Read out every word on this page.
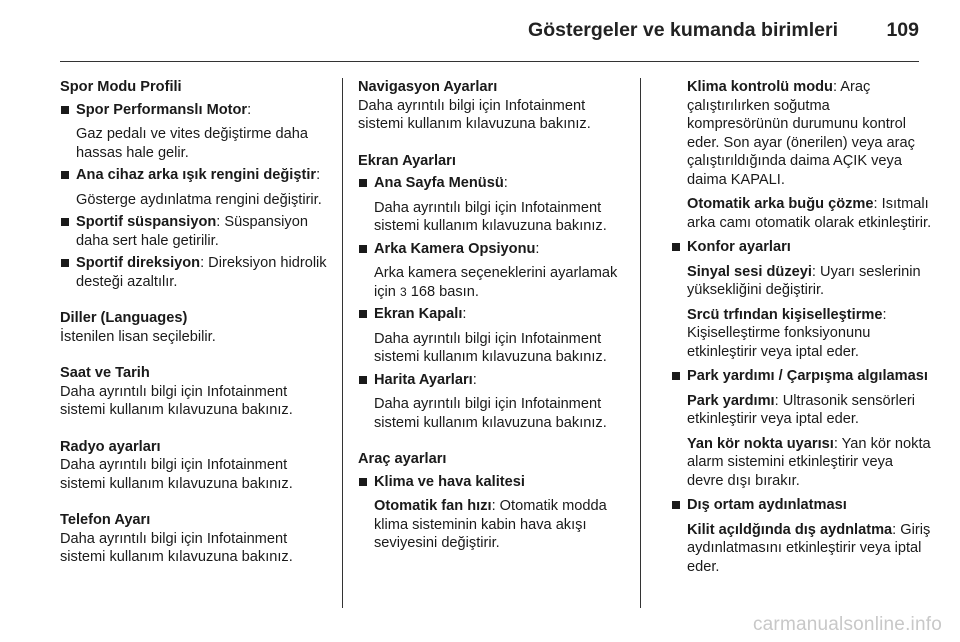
Göstergeler ve kumanda birimleri 109
Spor Modu Profili
Spor Performanslı Motor:
Gaz pedalı ve vites değiştirme daha hassas hale gelir.
Ana cihaz arka ışık rengini değiştir:
Gösterge aydınlatma rengini değiştirir.
Sportif süspansiyon: Süspansiyon daha sert hale getirilir.
Sportif direksiyon: Direksiyon hidrolik desteği azaltılır.
Diller (Languages)
İstenilen lisan seçilebilir.
Saat ve Tarih
Daha ayrıntılı bilgi için Infotainment sistemi kullanım kılavuzuna bakınız.
Radyo ayarları
Daha ayrıntılı bilgi için Infotainment sistemi kullanım kılavuzuna bakınız.
Telefon Ayarı
Daha ayrıntılı bilgi için Infotainment sistemi kullanım kılavuzuna bakınız.
Navigasyon Ayarları
Daha ayrıntılı bilgi için Infotainment sistemi kullanım kılavuzuna bakınız.
Ekran Ayarları
Ana Sayfa Menüsü:
Daha ayrıntılı bilgi için Infotainment sistemi kullanım kılavuzuna bakınız.
Arka Kamera Opsiyonu:
Arka kamera seçeneklerini ayarlamak için 3 168 basın.
Ekran Kapalı:
Daha ayrıntılı bilgi için Infotainment sistemi kullanım kılavuzuna bakınız.
Harita Ayarları:
Daha ayrıntılı bilgi için Infotainment sistemi kullanım kılavuzuna bakınız.
Araç ayarları
Klima ve hava kalitesi
Otomatik fan hızı: Otomatik modda klima sisteminin kabin hava akışı seviyesini değiştirir.
Klima kontrolü modu: Araç çalıştırılırken soğutma kompresörünün durumunu kontrol eder. Son ayar (önerilen) veya araç çalıştırıldığında daima AÇIK veya daima KAPALI.
Otomatik arka buğu çözme: Isıtmalı arka camı otomatik olarak etkinleştirir.
Konfor ayarları
Sinyal sesi düzeyi: Uyarı seslerinin yüksekliğini değiştirir.
Srcü trfından kişiselleştirme: Kişiselleştirme fonksiyonunu etkinleştirir veya iptal eder.
Park yardımı / Çarpışma algılaması
Park yardımı: Ultrasonik sensörleri etkinleştirir veya iptal eder.
Yan kör nokta uyarısı: Yan kör nokta alarm sistemini etkinleştirir veya devre dışı bırakır.
Dış ortam aydınlatması
Kilit açıldğında dış aydnlatma: Giriş aydınlatmasını etkinleştirir veya iptal eder.
carmanualsonline.info
